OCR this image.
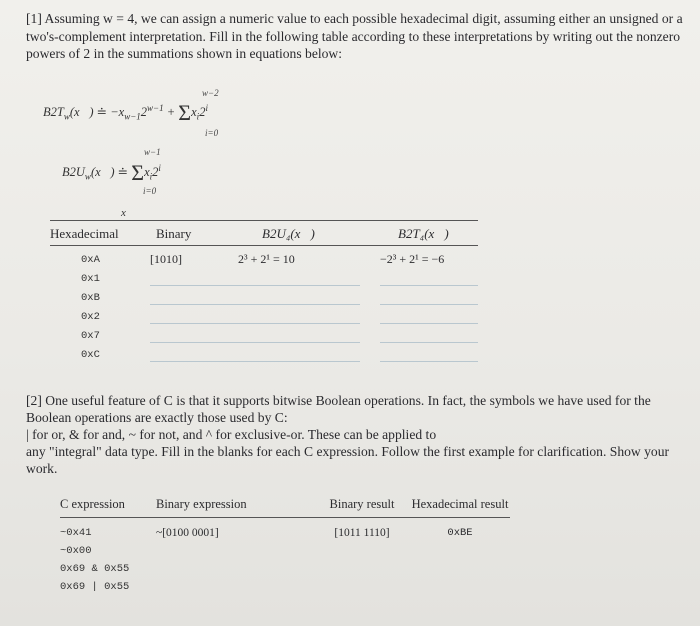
[1] Assuming w = 4, we can assign a numeric value to each possible hexadecimal digit, assuming either an unsigned or a two's-complement interpretation. Fill in the following table according to these interpretations by writing out the nonzero powers of 2 in the summations shown in equations below:
$B2T_w(x⃗)$ ≐ $-x_{w-1}2^{w-1} + \Sigma x_i2^i$
w−2
i=0
$B2U_w(x⃗)$ ≐ $\Sigma x_i2^i$
w−1
i=0
x⃗
Hexadecimal	Binary	B2U₄(x⃗)	B2T₄(x⃗)
0xA	[1010]	2³ + 2¹ = 10	−2³ + 2¹ = −6
0x1	

0xB	

0x2	

0x7	

0xC	

[2] One useful feature of C is that it supports bitwise Boolean operations. In fact, the symbols we have used for the Boolean operations are exactly those used by C:
| for or, & for and, ~ for not, and ^ for exclusive-or. These can be applied to
any "integral" data type. Fill in the blanks for each C expression. Follow the first example for clarification. Show your work.
C expression	Binary expression	Binary result	Hexadecimal result
~0x41	~[0100 0001]	[1011 1110]	0xBE
~0x00			
0x69 & 0x55			
0x69 | 0x55			
